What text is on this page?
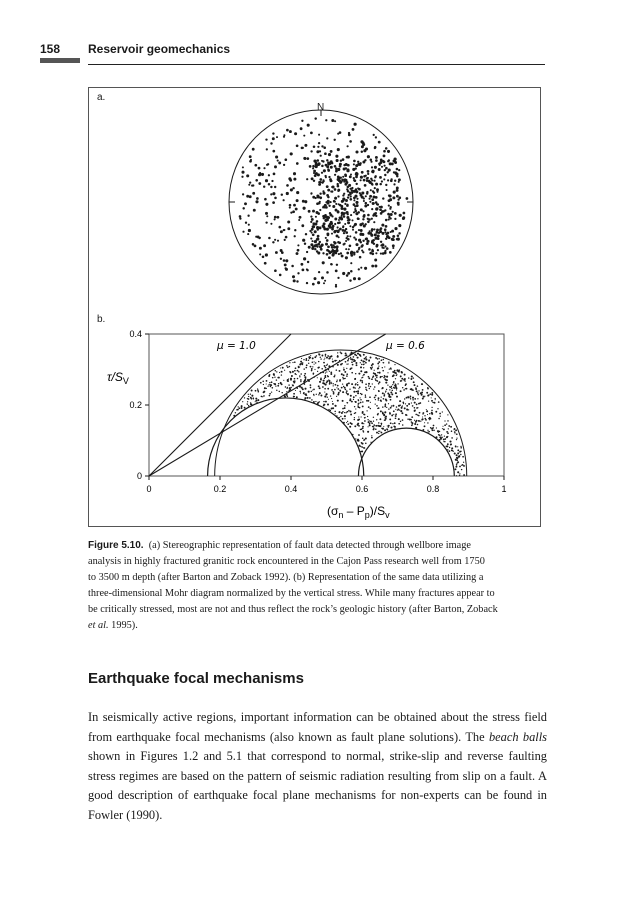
158 Reservoir geomechanics
a.
N
b.
0	0.2	0.4	0.6	0.8	1
0
0.2
0.4
μ = 1.0	μ = 0.6
$\tau/S_V$
$(\sigma_n - P_p)/S_v$
Figure 5.10. (a) Stereographic representation of fault data detected through wellbore image
analysis in highly fractured granitic rock encountered in the Cajon Pass research well from 1750
to 3500 m depth (after Barton and Zoback 1992). (b) Representation of the same data utilizing a
three-dimensional Mohr diagram normalized by the vertical stress. While many fractures appear to
be critically stressed, most are not and thus reflect the rock’s geologic history (after Barton, Zoback
et al. 1995).
Earthquake focal mechanisms

In seismically active regions, important information can be obtained about the stress field from earthquake focal mechanisms (also known as fault plane solutions). The beach balls shown in Figures 1.2 and 5.1 that correspond to normal, strike-slip and reverse faulting stress regimes are based on the pattern of seismic radiation resulting from slip on a fault. A good description of earthquake focal plane mechanisms for non-experts can be found in Fowler (1990).
